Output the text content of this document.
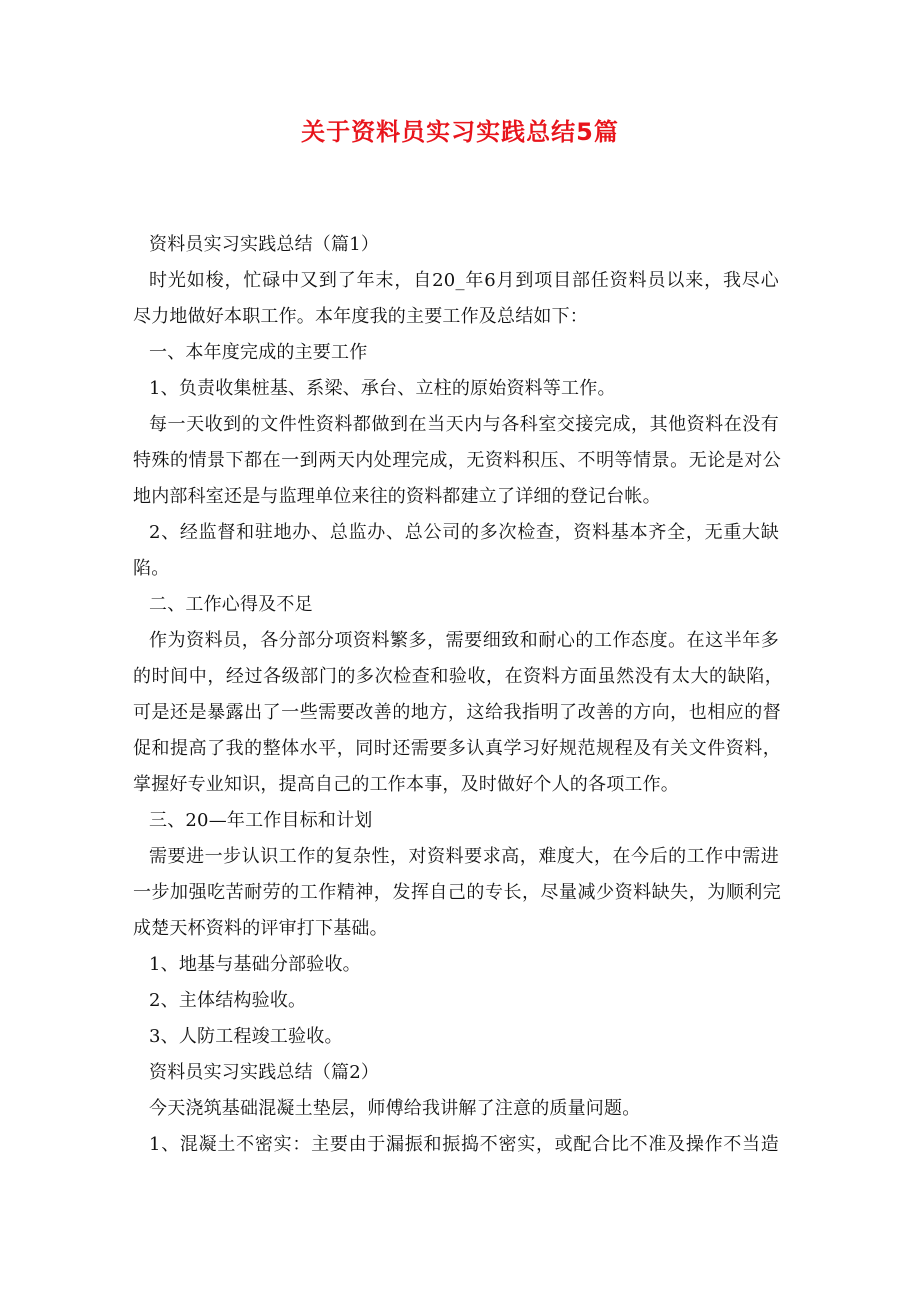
关于资料员实习实践总结5篇

资料员实习实践总结（篇1）

时光如梭，忙碌中又到了年末，自20_年6月到项目部任资料员以来，我尽心

尽力地做好本职工作。本年度我的主要工作及总结如下：

一、本年度完成的主要工作

1、负责收集桩基、系梁、承台、立柱的原始资料等工作。

每一天收到的文件性资料都做到在当天内与各科室交接完成，其他资料在没有

特殊的情景下都在一到两天内处理完成，无资料积压、不明等情景。无论是对公

地内部科室还是与监理单位来往的资料都建立了详细的登记台帐。

2、经监督和驻地办、总监办、总公司的多次检查，资料基本齐全，无重大缺

陷。

二、工作心得及不足

作为资料员，各分部分项资料繁多，需要细致和耐心的工作态度。在这半年多

的时间中，经过各级部门的多次检查和验收，在资料方面虽然没有太大的缺陷，

可是还是暴露出了一些需要改善的地方，这给我指明了改善的方向，也相应的督

促和提高了我的整体水平，同时还需要多认真学习好规范规程及有关文件资料，

掌握好专业知识，提高自己的工作本事，及时做好个人的各项工作。

三、20—年工作目标和计划

需要进一步认识工作的复杂性，对资料要求高，难度大，在今后的工作中需进

一步加强吃苦耐劳的工作精神，发挥自己的专长，尽量减少资料缺失，为顺利完

成楚天杯资料的评审打下基础。

1、地基与基础分部验收。

2、主体结构验收。

3、人防工程竣工验收。

资料员实习实践总结（篇2）

今天浇筑基础混凝土垫层，师傅给我讲解了注意的质量问题。

1、混凝土不密实：主要由于漏振和振捣不密实，或配合比不准及操作不当造
